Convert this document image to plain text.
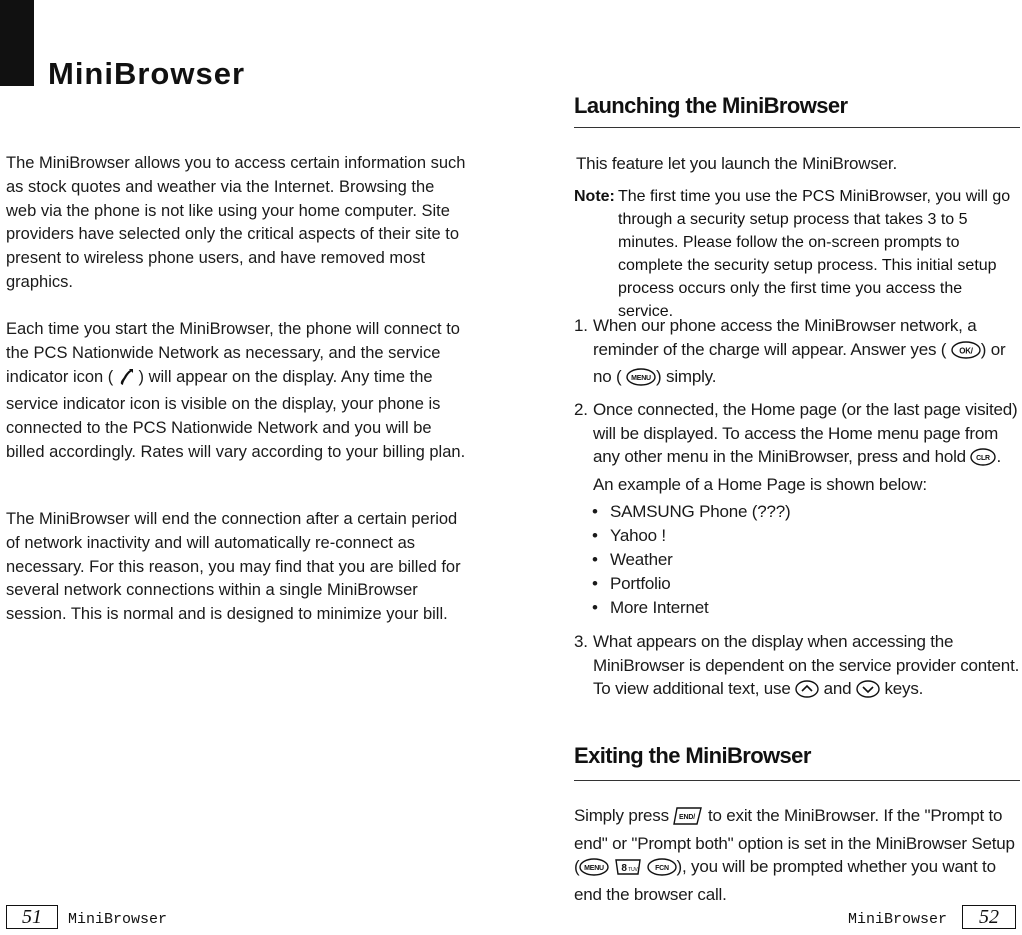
MiniBrowser

The MiniBrowser allows you to access certain information such as stock quotes and weather via the Internet. Browsing the web via the phone is not like using your home computer. Site providers have selected only the critical aspects of their site to present to wireless phone users, and have removed most graphics.

Each time you start the MiniBrowser, the phone will connect to the PCS Nationwide Network as necessary, and the service indicator icon ( ) will appear on the display. Any time the service indicator icon is visible on the display, your phone is connected to the PCS Nationwide Network and you will be billed accordingly. Rates will vary according to your billing plan.

The MiniBrowser will end the connection after a certain period of network inactivity and will automatically re-connect as necessary. For this reason, you may find that you are billed for several network connections within a single MiniBrowser session. This is normal and is designed to minimize your bill.

Launching the MiniBrowser
This feature let you launch the MiniBrowser.
Note: The first time you use the PCS MiniBrowser, you will go through a security setup process that takes 3 to 5 minutes. Please follow the on-screen prompts to complete the security setup process. This initial setup process occurs only the first time you access the service.
1. When our phone access the MiniBrowser network, a reminder of the charge will appear. Answer yes ( OK/ ) or no ( MENU ) simply.
2. Once connected, the Home page (or the last page visited) will be displayed. To access the Home menu page from any other menu in the MiniBrowser, press and hold CLR . An example of a Home Page is shown below:
• SAMSUNG Phone (???)
• Yahoo !
• Weather
• Portfolio
• More Internet
3. What appears on the display when accessing the MiniBrowser is dependent on the service provider content. To view additional text, use and keys.
Exiting the MiniBrowser
Simply press END/ to exit the MiniBrowser. If the "Prompt to end" or "Prompt both" option is set in the MiniBrowser Setup ( MENU
8 TUV
FCN ), you will be prompted whether you want to end the browser call.
51	MiniBrowser	MiniBrowser	52
